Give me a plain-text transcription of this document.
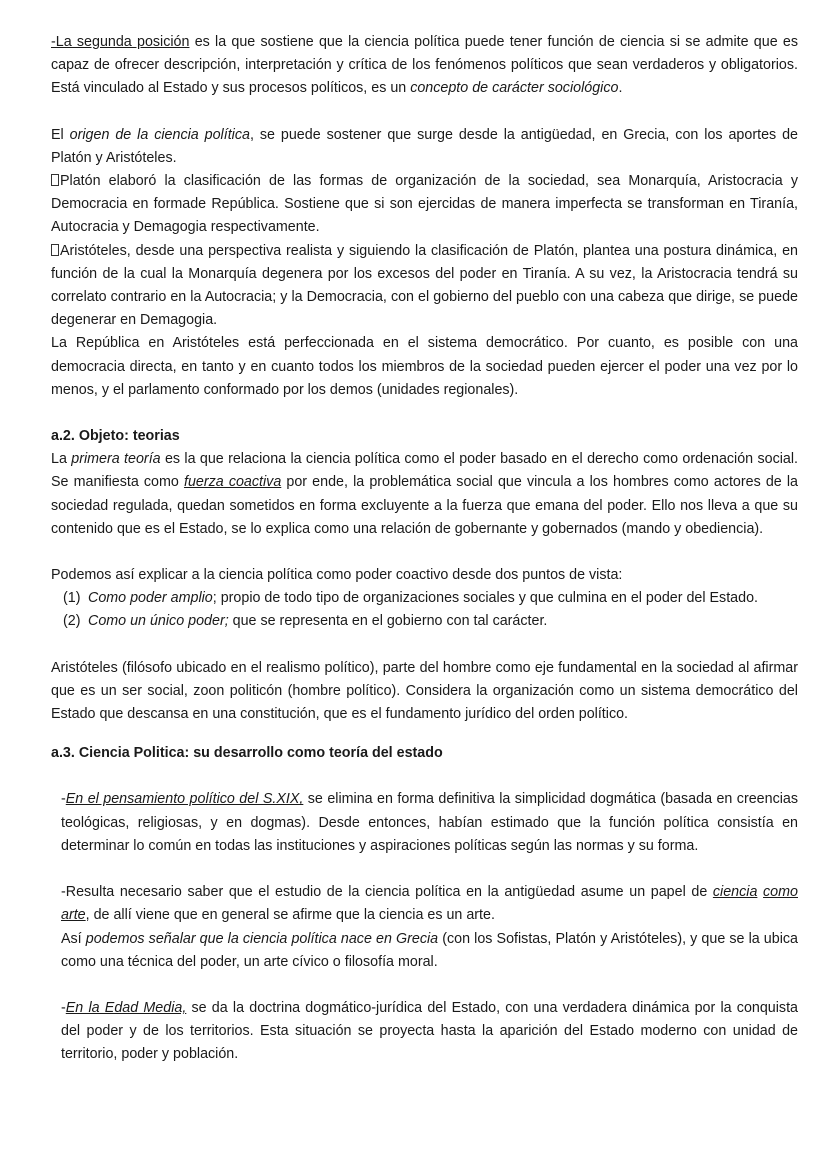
-La segunda posición es la que sostiene que la ciencia política puede tener función de ciencia si se admite que es capaz de ofrecer descripción, interpretación y crítica de los fenómenos políticos que sean verdaderos y obligatorios. Está vinculado al Estado y sus procesos políticos, es un concepto de carácter sociológico.

El origen de la ciencia política, se puede sostener que surge desde la antigüedad, en Grecia, con los aportes de Platón y Aristóteles.

Platón elaboró la clasificación de las formas de organización de la sociedad, sea Monarquía, Aristocracia y Democracia en formade República. Sostiene que si son ejercidas de manera imperfecta se transforman en Tiranía, Autocracia y Demagogia respectivamente.

Aristóteles, desde una perspectiva realista y siguiendo la clasificación de Platón, plantea una postura dinámica, en función de la cual la Monarquía degenera por los excesos del poder en Tiranía. A su vez, la Aristocracia tendrá su correlato contrario en la Autocracia; y la Democracia, con el gobierno del pueblo con una cabeza que dirige, se puede degenerar en Demagogia.

La República en Aristóteles está perfeccionada en el sistema democrático. Por cuanto, es posible con una democracia directa, en tanto y en cuanto todos los miembros de la sociedad pueden ejercer el poder una vez por lo menos, y el parlamento conformado por los demos (unidades regionales).

a.2. Objeto: teorias

La primera teoría es la que relaciona la ciencia política como el poder basado en el derecho como ordenación social. Se manifiesta como fuerza coactiva por ende, la problemática social que vincula a los hombres como actores de la sociedad regulada, quedan sometidos en forma excluyente a la fuerza que emana del poder. Ello nos lleva a que su contenido que es el Estado, se lo explica como una relación de gobernante y gobernados (mando y obediencia).

Podemos así explicar a la ciencia política como poder coactivo desde dos puntos de vista:

(1) Como poder amplio; propio de todo tipo de organizaciones sociales y que culmina en el poder del Estado.

(2) Como un único poder; que se representa en el gobierno con tal carácter.

Aristóteles (filósofo ubicado en el realismo político), parte del hombre como eje fundamental en la sociedad al afirmar que es un ser social, zoon politicón (hombre político). Considera la organización como un sistema democrático del Estado que descansa en una constitución, que es el fundamento jurídico del orden político.

a.3. Ciencia Politica: su desarrollo como teoría del estado

-En el pensamiento político del S.XIX, se elimina en forma definitiva la simplicidad dogmática (basada en creencias teológicas, religiosas, y en dogmas). Desde entonces, habían estimado que la función política consistía en determinar lo común en todas las instituciones y aspiraciones políticas según las normas y su forma.

-Resulta necesario saber que el estudio de la ciencia política en la antigüedad asume un papel de ciencia como arte, de allí viene que en general se afirme que la ciencia es un arte.

Así podemos señalar que la ciencia política nace en Grecia (con los Sofistas, Platón y Aristóteles), y que se la ubica como una técnica del poder, un arte cívico o filosofía moral.

-En la Edad Media, se da la doctrina dogmático-jurídica del Estado, con una verdadera dinámica por la conquista del poder y de los territorios. Esta situación se proyecta hasta la aparición del Estado moderno con unidad de territorio, poder y población.
